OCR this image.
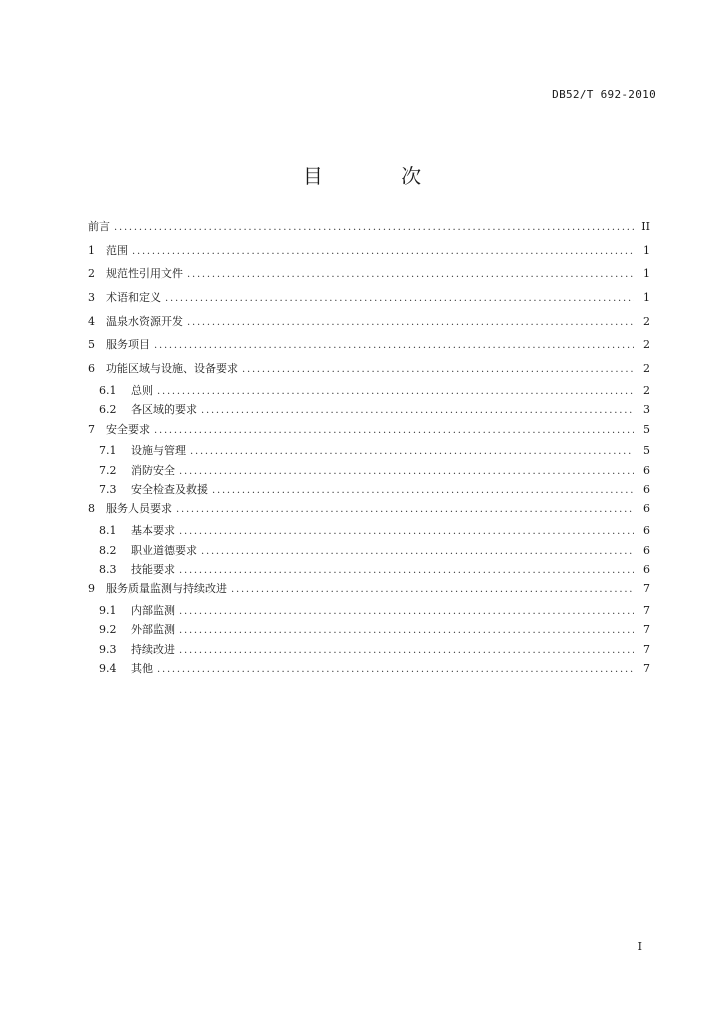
DB52/T 692-2010
目 次
前言 .....	II
1	范围 .....	1
2	规范性引用文件 .....	1
3	术语和定义 .....	1
4	温泉水资源开发 .....	2
5	服务项目 .....	2
6	功能区域与设施、设备要求 .....	2
6.1	总则 .....	2
6.2	各区域的要求 .....	3
7	安全要求 .....	5
7.1	设施与管理 .....	5
7.2	消防安全 .....	6
7.3	安全检查及救援 .....	6
8	服务人员要求 .....	6
8.1	基本要求 .....	6
8.2	职业道德要求 .....	6
8.3	技能要求 .....	6
9	服务质量监测与持续改进 .....	7
9.1	内部监测 .....	7
9.2	外部监测 .....	7
9.3	持续改进 .....	7
9.4	其他 .....	7
I
